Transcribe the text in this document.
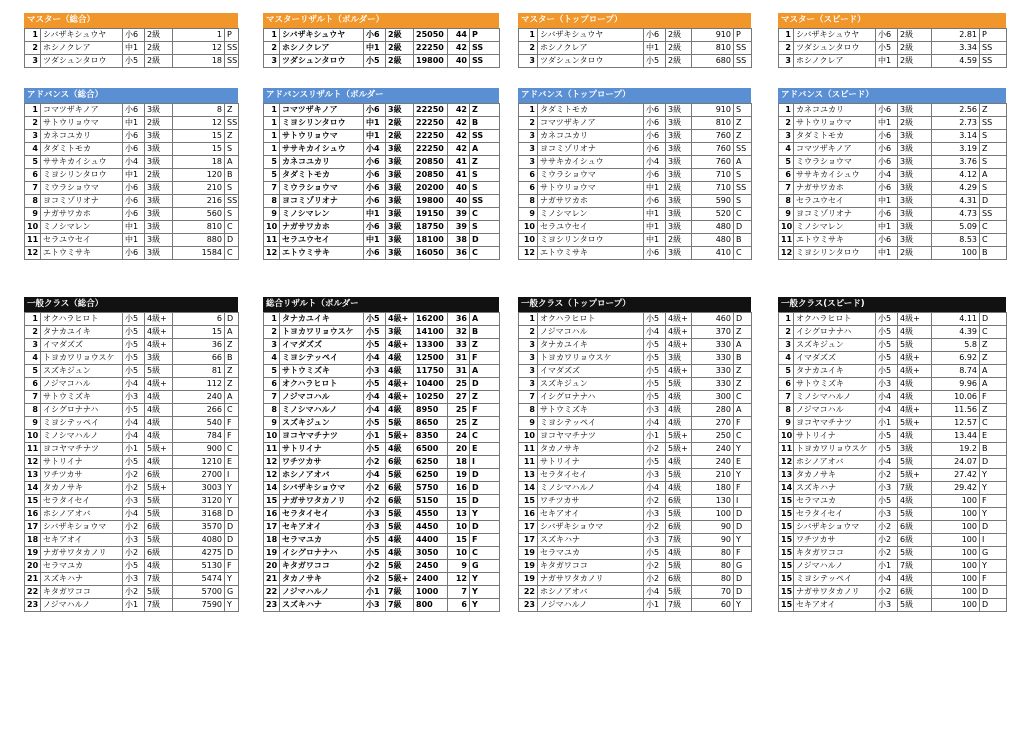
マスター（総合）
1	シバザキシュウヤ	小6	2級	1	P
2	ホシノクレア	中1	2級	12	SS
3	ツダシュンタロウ	小5	2級	18	SS
マスターリザルト（ボルダー）
1	シバザキシュウヤ	小6	2級	25050	44	P
2	ホシノクレア	中1	2級	22250	42	SS
3	ツダシュンタロウ	小5	2級	19800	40	SS
マスター（トップロープ）
1	シバザキシュウヤ	小6	2級	910	P
2	ホシノクレア	中1	2級	810	SS
3	ツダシュンタロウ	小5	2級	680	SS
マスター（スピード）
1	シバザキシュウヤ	小6	2級	2.81	P
2	ツダシュンタロウ	小5	2級	3.34	SS
3	ホシノクレア	中1	2級	4.59	SS
アドバンス（総合）
1	コマツザキノア	小6	3級	8	Z
2	サトウリョウマ	中1	2級	12	SS
3	カネコユカリ	小6	3級	15	Z
4	タダミトモカ	小6	3級	15	S
5	ササキカイシュウ	小4	3級	18	A
6	ミヨシリンタロウ	中1	2級	120	B
7	ミウラショウマ	小6	3級	210	S
8	ヨコミゾリオナ	小6	3級	216	SS
9	ナガサワカホ	小6	3級	560	S
10	ミノシマレン	中1	3級	810	C
11	セラユウセイ	中1	3級	880	D
12	エトウミサキ	小6	3級	1584	C
アドバンスリザルト（ボルダー
1	コマツザキノア	小6	3級	22250	42	Z
1	ミヨシリンタロウ	中1	2級	22250	42	B
1	サトウリョウマ	中1	2級	22250	42	SS
1	ササキカイシュウ	小4	3級	22250	42	A
5	カネコユカリ	小6	3級	20850	41	Z
5	タダミトモカ	小6	3級	20850	41	S
7	ミウラショウマ	小6	3級	20200	40	S
8	ヨコミゾリオナ	小6	3級	19800	40	SS
9	ミノシマレン	中1	3級	19150	39	C
10	ナガサワカホ	小6	3級	18750	39	S
11	セラユウセイ	中1	3級	18100	38	D
12	エトウミサキ	小6	3級	16050	36	C
アドバンス（トップロープ）
1	タダミトモカ	小6	3級	910	S
2	コマツザキノア	小6	3級	810	Z
3	カネコユカリ	小6	3級	760	Z
3	ヨコミゾリオナ	小6	3級	760	SS
3	ササキカイシュウ	小4	3級	760	A
6	ミウラショウマ	小6	3級	710	S
6	サトウリョウマ	中1	2級	710	SS
8	ナガサワカホ	小6	3級	590	S
9	ミノシマレン	中1	3級	520	C
10	セラユウセイ	中1	3級	480	D
10	ミヨシリンタロウ	中1	2級	480	B
12	エトウミサキ	小6	3級	410	C
アドバンス（スピード）
1	カネコユカリ	小6	3級	2.56	Z
2	サトウリョウマ	中1	2級	2.73	SS
3	タダミトモカ	小6	3級	3.14	S
4	コマツザキノア	小6	3級	3.19	Z
5	ミウラショウマ	小6	3級	3.76	S
6	ササキカイシュウ	小4	3級	4.12	A
7	ナガサワカホ	小6	3級	4.29	S
8	セラユウセイ	中1	3級	4.31	D
9	ヨコミゾリオナ	小6	3級	4.73	SS
10	ミノシマレン	中1	3級	5.09	C
11	エトウミサキ	小6	3級	8.53	C
12	ミヨシリンタロウ	中1	2級	100	B
一般クラス（総合）
1	オクハラヒロト	小5	4級+	6	D
2	タナカユイキ	小5	4級+	15	A
3	イマダズズ	小5	4級+	36	Z
4	トヨカワリョウスケ	小5	3級	66	B
5	スズキジュン	小5	5級	81	Z
6	ノジマコハル	小4	4級+	112	Z
7	サトウミズキ	小3	4級	240	A
8	イシグロナナハ	小5	4級	266	C
9	ミヨシテッペイ	小4	4級	540	F
10	ミノシマハルノ	小4	4級	784	F
11	ヨコヤマチナツ	小1	5級+	900	C
12	サトリイナ	小5	4級	1210	E
13	ワチツカサ	小2	6級	2700	I
14	タカノサキ	小2	5級+	3003	Y
15	セラタイセイ	小3	5級	3120	Y
16	ホシノアオバ	小4	5級	3168	D
17	シバザキショウマ	小2	6級	3570	D
18	セキアオイ	小3	5級	4080	D
19	ナガサワタカノリ	小2	6級	4275	D
20	セラマユカ	小5	4級	5130	F
21	スズキハナ	小3	7級	5474	Y
22	キタガワココ	小2	5級	5700	G
23	ノジマハルノ	小1	7級	7590	Y
総合リザルト（ボルダー
1	タナカユイキ	小5	4級+	16200	36	A
2	トヨカワリョウスケ	小5	3級	14100	32	B
3	イマダズズ	小5	4級+	13300	33	Z
4	ミヨシテッペイ	小4	4級	12500	31	F
5	サトウミズキ	小3	4級	11750	31	A
6	オクハラヒロト	小5	4級+	10400	25	D
7	ノジマコハル	小4	4級+	10250	27	Z
8	ミノシマハルノ	小4	4級	8950	25	F
9	スズキジュン	小5	5級	8650	25	Z
10	ヨコヤマチナツ	小1	5級+	8350	24	C
11	サトリイナ	小5	4級	6500	20	E
12	ワチツカサ	小2	6級	6250	18	I
12	ホシノアオバ	小4	5級	6250	19	D
14	シバザキショウマ	小2	6級	5750	16	D
15	ナガサワタカノリ	小2	6級	5150	15	D
16	セラタイセイ	小3	5級	4550	13	Y
17	セキアオイ	小3	5級	4450	10	D
18	セラマユカ	小5	4級	4400	15	F
19	イシグロナナハ	小5	4級	3050	10	C
20	キタガワココ	小2	5級	2450	9	G
21	タカノサキ	小2	5級+	2400	12	Y
22	ノジマハルノ	小1	7級	1000	7	Y
23	スズキハナ	小3	7級	800	6	Y
一般クラス（トップロープ）
1	オクハラヒロト	小5	4級+	460	D
2	ノジマコハル	小4	4級+	370	Z
3	タナカユイキ	小5	4級+	330	A
3	トヨカワリョウスケ	小5	3級	330	B
3	イマダズズ	小5	4級+	330	Z
3	スズキジュン	小5	5級	330	Z
7	イシグロナナハ	小5	4級	300	C
8	サトウミズキ	小3	4級	280	A
9	ミヨシテッペイ	小4	4級	270	F
10	ヨコヤマチナツ	小1	5級+	250	C
11	タカノサキ	小2	5級+	240	Y
11	サトリイナ	小5	4級	240	E
13	セラタイセイ	小3	5級	210	Y
14	ミノシマハルノ	小4	4級	180	F
15	ワチツカサ	小2	6級	130	I
16	セキアオイ	小3	5級	100	D
17	シバザキショウマ	小2	6級	90	D
17	スズキハナ	小3	7級	90	Y
19	セラマユカ	小5	4級	80	F
19	キタガワココ	小2	5級	80	G
19	ナガサワタカノリ	小2	6級	80	D
22	ホシノアオバ	小4	5級	70	D
23	ノジマハルノ	小1	7級	60	Y
一般クラス(スピード)
1	オクハラヒロト	小5	4級+	4.11	D
2	イシグロナナハ	小5	4級	4.39	C
3	スズキジュン	小5	5級	5.8	Z
4	イマダズズ	小5	4級+	6.92	Z
5	タナカユイキ	小5	4級+	8.74	A
6	サトウミズキ	小3	4級	9.96	A
7	ミノシマハルノ	小4	4級	10.06	F
8	ノジマコハル	小4	4級+	11.56	Z
9	ヨコヤマチナツ	小1	5級+	12.57	C
10	サトリイナ	小5	4級	13.44	E
11	トヨカワリョウスケ	小5	3級	19.2	B
12	ホシノアオバ	小4	5級	24.07	D
13	タカノサキ	小2	5級+	27.42	Y
14	スズキハナ	小3	7級	29.42	Y
15	セラマユカ	小5	4級	100	F
15	セラタイセイ	小3	5級	100	Y
15	シバザキショウマ	小2	6級	100	D
15	ワチツカサ	小2	6級	100	I
15	キタガワココ	小2	5級	100	G
15	ノジマハルノ	小1	7級	100	Y
15	ミヨシテッペイ	小4	4級	100	F
15	ナガサワタカノリ	小2	6級	100	D
15	セキアオイ	小3	5級	100	D
